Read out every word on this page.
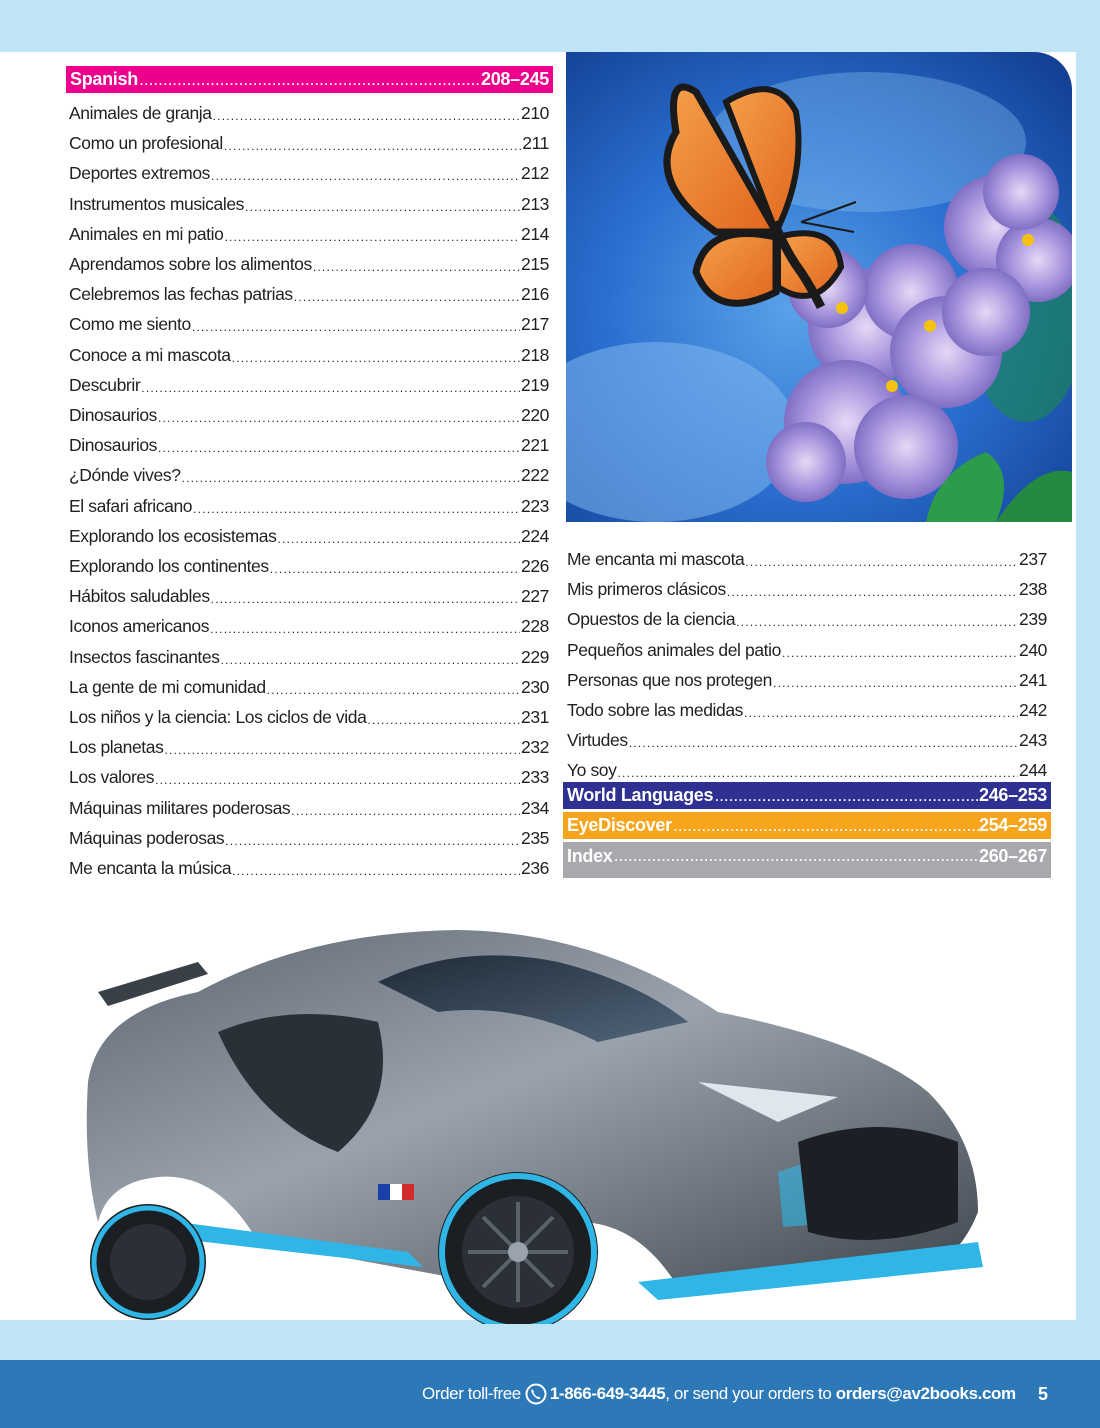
Spanish .....	208–245
Animales de granja .....	210
Como un profesional .....	211
Deportes extremos .....	212
Instrumentos musicales .....	213
Animales en mi patio .....	214
Aprendamos sobre los alimentos .....	215
Celebremos las fechas patrias .....	216
Como me siento .....	217
Conoce a mi mascota .....	218
Descubrir .....	219
Dinosaurios .....	220
Dinosaurios .....	221
¿Dónde vives? .....	222
El safari africano .....	223
Explorando los ecosistemas .....	224
Explorando los continentes .....	226
Hábitos saludables .....	227
Iconos americanos .....	228
Insectos fascinantes .....	229
La gente de mi comunidad .....	230
Los niños y la ciencia: Los ciclos de vida .....	231
Los planetas .....	232
Los valores .....	233
Máquinas militares poderosas .....	234
Máquinas poderosas .....	235
Me encanta la música .....	236
Me encanta mi mascota .....	237
Mis primeros clásicos .....	238
Opuestos de la ciencia .....	239
Pequeños animales del patio .....	240
Personas que nos protegen .....	241
Todo sobre las medidas .....	242
Virtudes .....	243
Yo soy .....	244
World Languages .....	246–253
EyeDiscover .....	254–259
Index .....	260–267
Order toll-free 1-866-649-3445 , or send your orders to orders@av2books.com 5
